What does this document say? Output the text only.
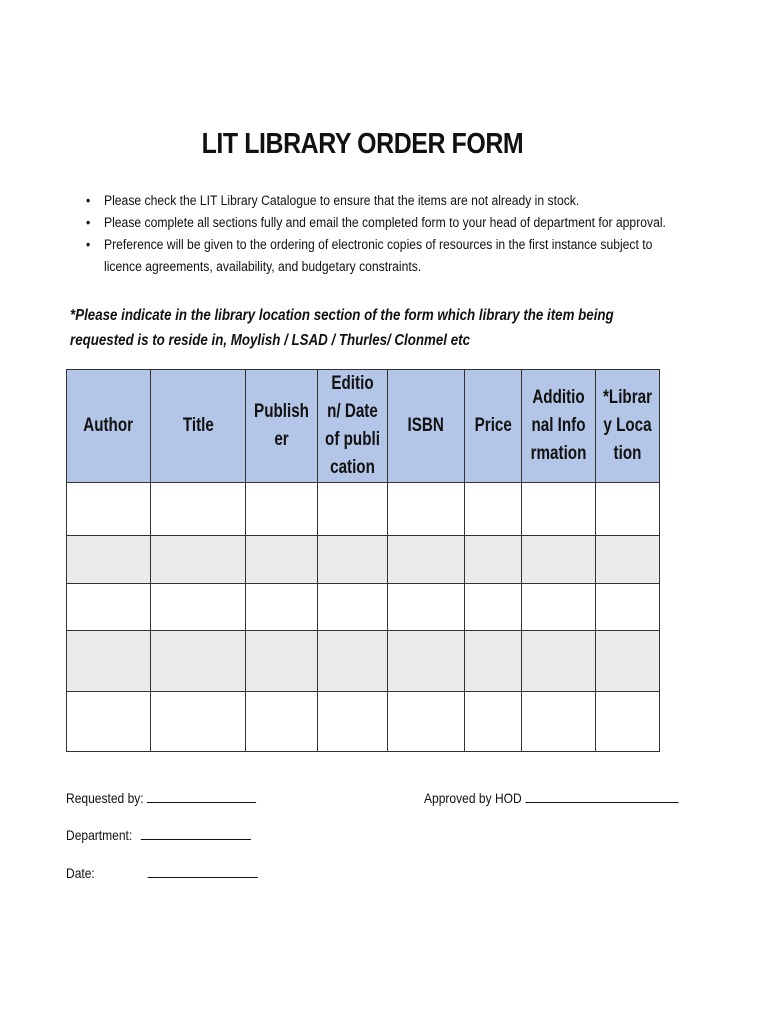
LIT LIBRARY ORDER FORM
• Please check the LIT Library Catalogue to ensure that the items are not already in stock.
• Please complete all sections fully and email the completed form to your head of department for approval.
• Preference will be given to the ordering of electronic copies of resources in the first instance subject to
licence agreements, availability, and budgetary constraints.
*Please indicate in the library location section of the form which library the item being
requested is to reside in, Moylish / LSAD / Thurles/ Clonmel etc
Author	Title	Publisher	Edition/ Date of publication	ISBN	Price	Additional Information	*Library Location

Requested by:	Approved by HOD
Department:
Date:
